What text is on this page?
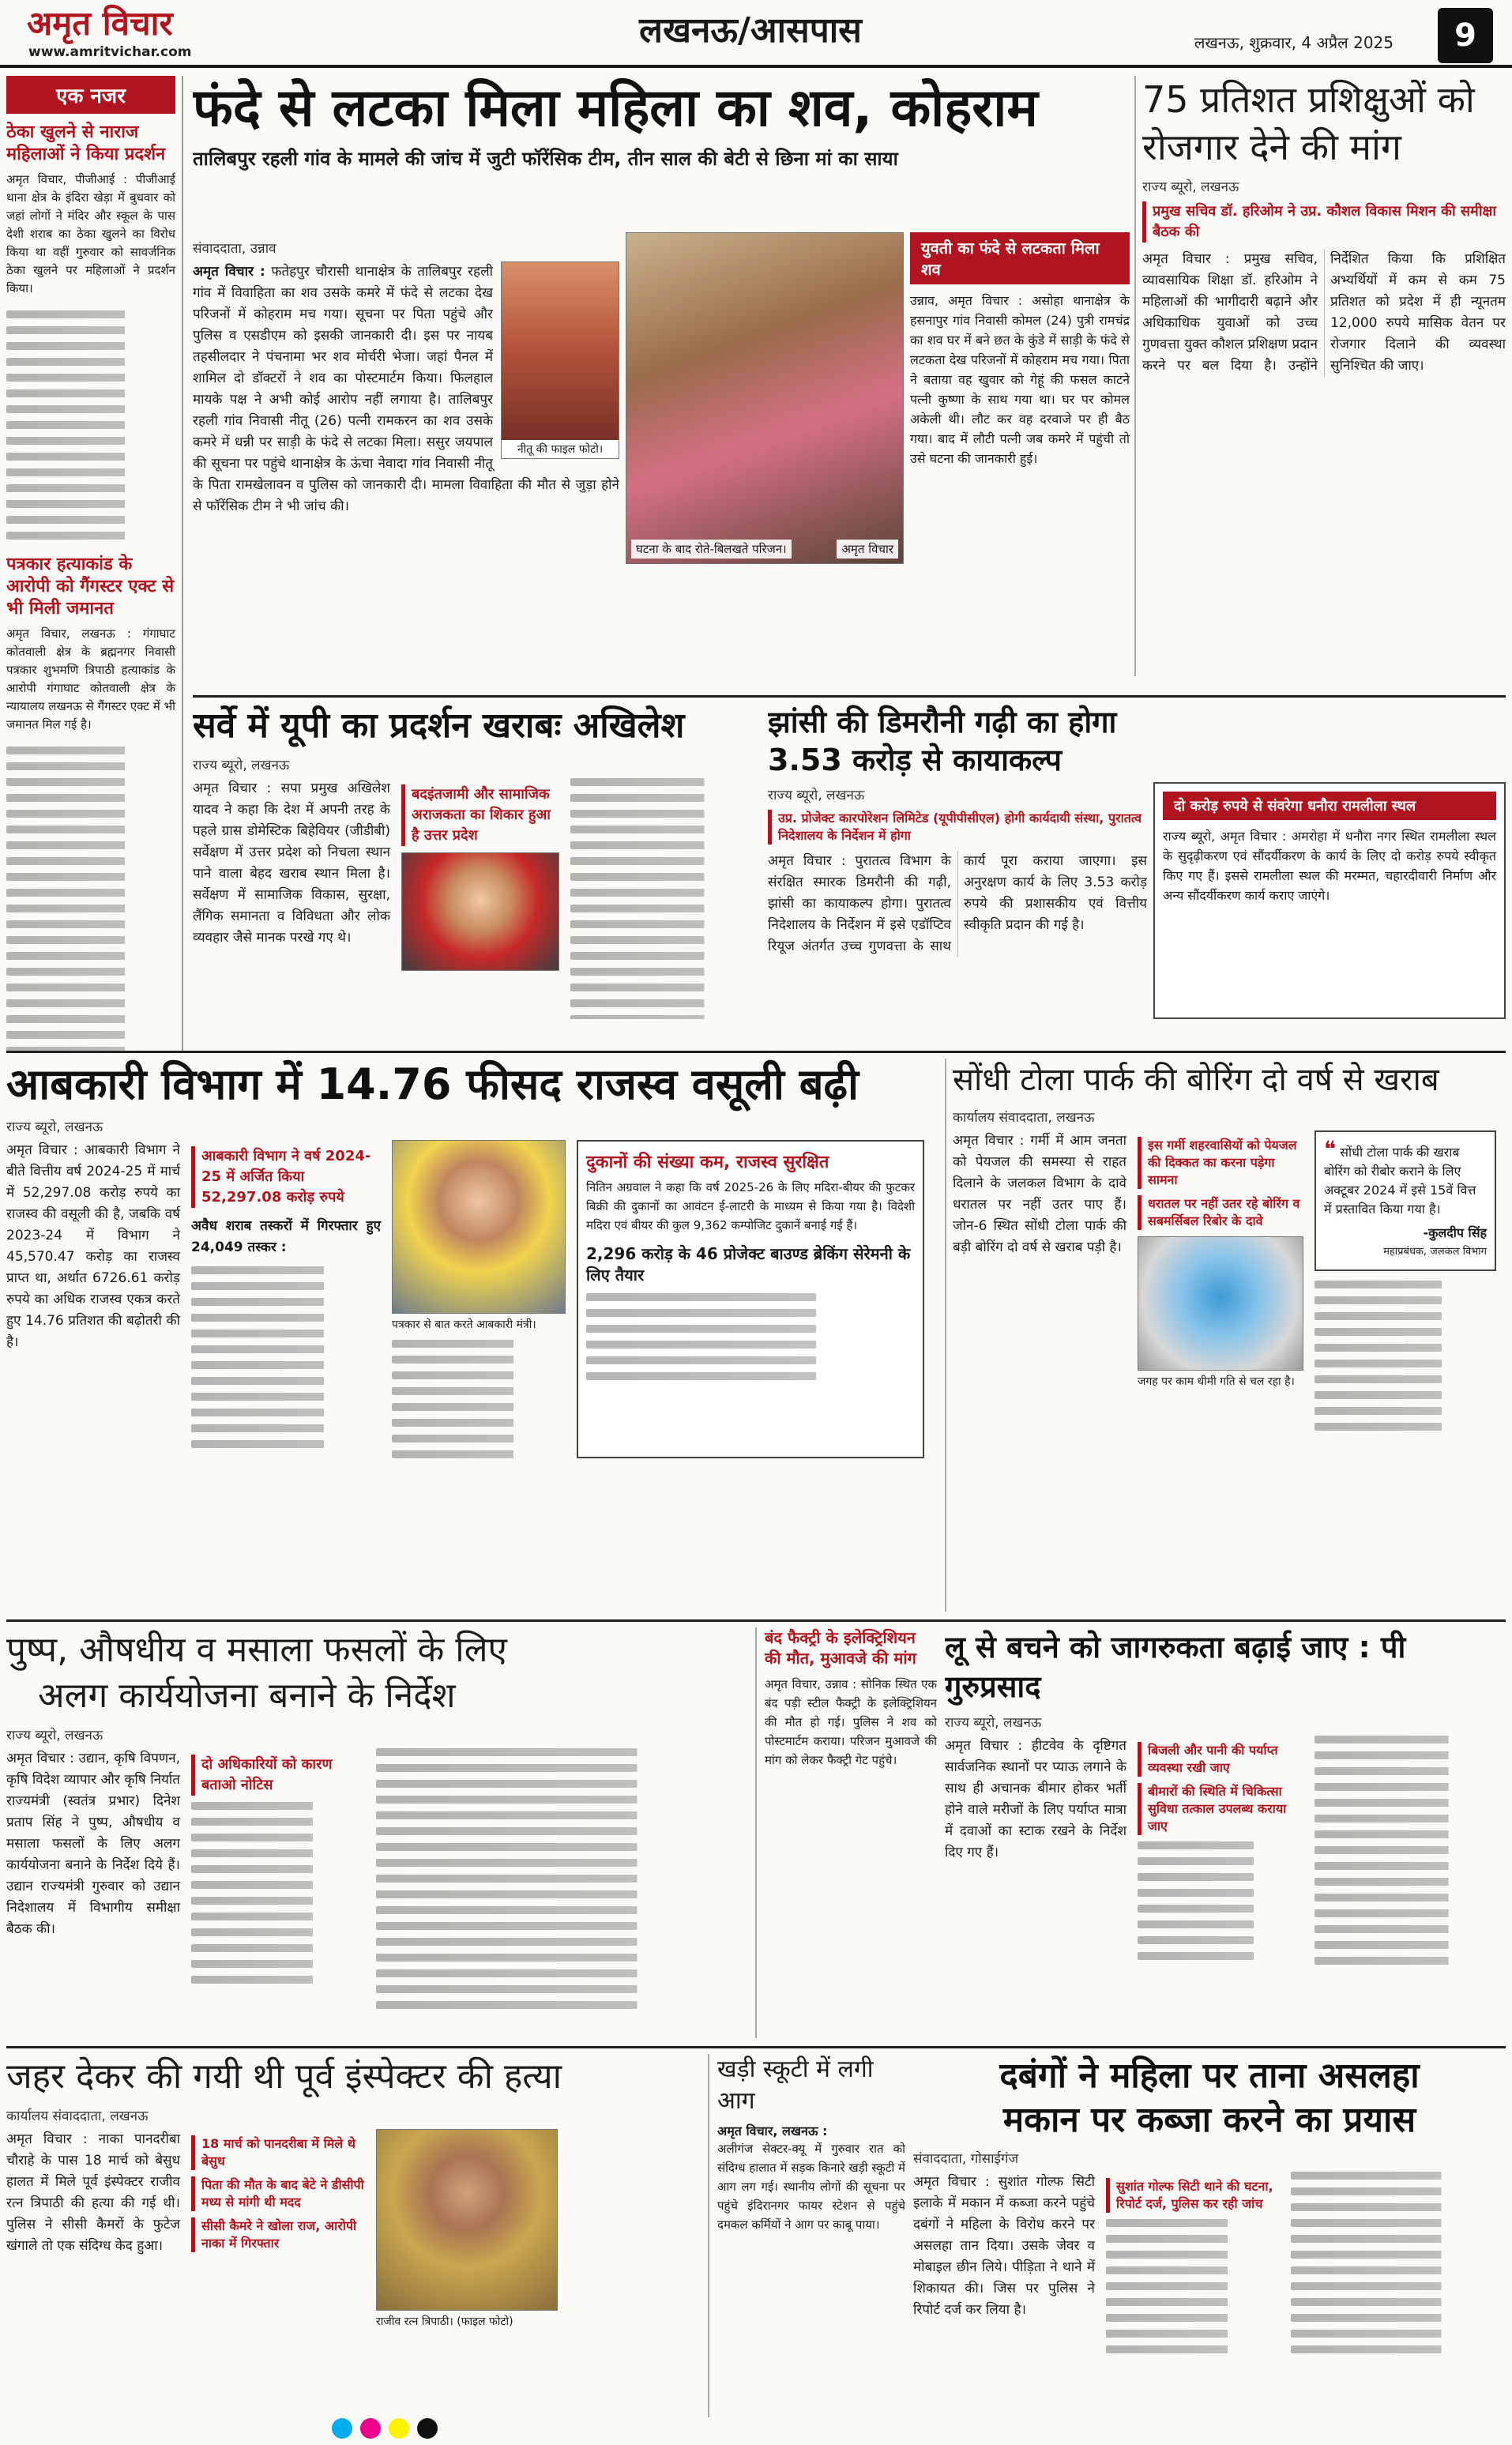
अमृत विचार
www.amritvichar.com
लखनऊ/आसपास	लखनऊ, शुक्रवार, 4 अप्रैल 2025	9
एक नजर
ठेका खुलने से नाराज महिलाओं ने किया प्रदर्शन
अमृत विचार, पीजीआई : पीजीआई थाना क्षेत्र के इंदिरा खेड़ा में बुधवार को जहां लोगों ने मंदिर और स्कूल के पास देशी शराब का ठेका खुलने का विरोध किया था वहीं गुरुवार को सावर्जनिक ठेका खुलने पर महिलाओं ने प्रदर्शन किया।
पत्रकार हत्याकांड के आरोपी को गैंगस्टर एक्ट से भी मिली जमानत
अमृत विचार, लखनऊ : गंगाघाट कोतवाली क्षेत्र के ब्रह्मनगर निवासी पत्रकार शुभमणि त्रिपाठी हत्याकांड के आरोपी गंगाघाट कोतवाली क्षेत्र के न्यायालय लखनऊ से गैंगस्टर एक्ट में भी जमानत मिल गई है।
फंदे से लटका मिला महिला का शव, कोहराम
तालिबपुर रहली गांव के मामले की जांच में जुटी फॉरेंसिक टीम, तीन साल की बेटी से छिना मां का साया
संवाददाता, उन्नाव
नीतू की फाइल फोटो।
अमृत विचार : फतेहपुर चौरासी थानाक्षेत्र के तालिबपुर रहली गांव में विवाहिता का शव उसके कमरे में फंदे से लटका देख परिजनों में कोहराम मच गया। सूचना पर पिता पहुंचे और पुलिस व एसडीएम को इसकी जानकारी दी। इस पर नायब तहसीलदार ने पंचनामा भर शव मोर्चरी भेजा। जहां पैनल में शामिल दो डॉक्टरों ने शव का पोस्टमार्टम किया। फिलहाल मायके पक्ष ने अभी कोई आरोप नहीं लगाया है। तालिबपुर रहली गांव निवासी नीतू (26) पत्नी रामकरन का शव उसके कमरे में धन्नी पर साड़ी के फंदे से लटका मिला। ससुर जयपाल की सूचना पर पहुंचे थानाक्षेत्र के ऊंचा नेवादा गांव निवासी नीतू के पिता रामखेलावन व पुलिस को जानकारी दी। मामला विवाहिता की मौत से जुड़ा होने से फॉरेंसिक टीम ने भी जांच की।
घटना के बाद रोते-बिलखते परिजन।	अमृत विचार
युवती का फंदे से लटकता मिला शव
उन्नाव, अमृत विचार : असोहा थानाक्षेत्र के हसनापुर गांव निवासी कोमल (24) पुत्री रामचंद्र का शव घर में बने छत के कुंडे में साड़ी के फंदे से लटकता देख परिजनों में कोहराम मच गया। पिता ने बताया वह खुवार को गेहूं की फसल काटने पत्नी कुष्णा के साथ गया था। घर पर कोमल अकेली थी। लौट कर वह दरवाजे पर ही बैठ गया। बाद में लौटी पत्नी जब कमरे में पहुंची तो उसे घटना की जानकारी हुई।
75 प्रतिशत प्रशिक्षुओं को रोजगार देने की मांग
राज्य ब्यूरो, लखनऊ
प्रमुख सचिव डॉ. हरिओम ने उप्र. कौशल विकास मिशन की समीक्षा बैठक की
अमृत विचार : प्रमुख सचिव, व्यावसायिक शिक्षा डॉ. हरिओम ने महिलाओं की भागीदारी बढ़ाने और अधिकाधिक युवाओं को उच्च गुणवत्ता युक्त कौशल प्रशिक्षण प्रदान करने पर बल दिया है। उन्होंने निर्देशित किया कि प्रशिक्षित अभ्यर्थियों में कम से कम 75 प्रतिशत को प्रदेश में ही न्यूनतम 12,000 रुपये मासिक वेतन पर रोजगार दिलाने की व्यवस्था सुनिश्चित की जाए।
सर्वे में यूपी का प्रदर्शन खराबः अखिलेश
राज्य ब्यूरो, लखनऊ
अमृत विचार : सपा प्रमुख अखिलेश यादव ने कहा कि देश में अपनी तरह के पहले ग्रास डोमेस्टिक बिहेवियर (जीडीबी) सर्वेक्षण में उत्तर प्रदेश को निचला स्थान पाने वाला बेहद खराब स्थान मिला है। सर्वेक्षण में सामाजिक विकास, सुरक्षा, लैंगिक समानता व विविधता और लोक व्यवहार जैसे मानक परखे गए थे।
बदइंतजामी और सामाजिक अराजकता का शिकार हुआ है उत्तर प्रदेश
झांसी की डिमरौनी गढ़ी का होगा 3.53 करोड़ से कायाकल्प
राज्य ब्यूरो, लखनऊ
उप्र. प्रोजेक्ट कारपोरेशन लिमिटेड (यूपीपीसीएल) होगी कार्यदायी संस्था, पुरातत्व निदेशालय के निर्देशन में होगा
अमृत विचार : पुरातत्व विभाग के संरक्षित स्मारक डिमरौनी की गढ़ी, झांसी का कायाकल्प होगा। पुरातत्व निदेशालय के निर्देशन में इसे एडॉप्टिव रियूज अंतर्गत उच्च गुणवत्ता के साथ कार्य पूरा कराया जाएगा। इस अनुरक्षण कार्य के लिए 3.53 करोड़ रुपये की प्रशासकीय एवं वित्तीय स्वीकृति प्रदान की गई है।
दो करोड़ रुपये से संवरेगा धनौरा रामलीला स्थल
राज्य ब्यूरो, अमृत विचार : अमरोहा में धनौरा नगर स्थित रामलीला स्थल के सुदृढ़ीकरण एवं सौंदर्यीकरण के कार्य के लिए दो करोड़ रुपये स्वीकृत किए गए हैं। इससे रामलीला स्थल की मरम्मत, चहारदीवारी निर्माण और अन्य सौंदर्यीकरण कार्य कराए जाएंगे।
आबकारी विभाग में 14.76 फीसद राजस्व वसूली बढ़ी
राज्य ब्यूरो, लखनऊ
अमृत विचार : आबकारी विभाग ने बीते वित्तीय वर्ष 2024-25 में मार्च में 52,297.08 करोड़ रुपये का राजस्व की वसूली की है, जबकि वर्ष 2023-24 में विभाग ने 45,570.47 करोड़ का राजस्व प्राप्त था, अर्थात 6726.61 करोड़ रुपये का अधिक राजस्व एकत्र करते हुए 14.76 प्रतिशत की बढ़ोतरी की है।
आबकारी विभाग ने वर्ष 2024-25 में अर्जित किया 52,297.08 करोड़ रुपये
अवैध शराब तस्करों में गिरफ्तार हुए 24,049 तस्कर :
पत्रकार से बात करते आबकारी मंत्री।
दुकानों की संख्या कम, राजस्व सुरक्षित
नितिन अग्रवाल ने कहा कि वर्ष 2025-26 के लिए मदिरा-बीयर की फुटकर बिक्री की दुकानों का आवंटन ई-लाटरी के माध्यम से किया गया है। विदेशी मदिरा एवं बीयर की कुल 9,362 कम्पोजिट दुकानें बनाई गई हैं।
2,296 करोड़ के 46 प्रोजेक्ट बाउण्ड ब्रेकिंग सेरेमनी के लिए तैयार
सोंधी टोला पार्क की बोरिंग दो वर्ष से खराब
कार्यालय संवाददाता, लखनऊ
अमृत विचार : गर्मी में आम जनता को पेयजल की समस्या से राहत दिलाने के जलकल विभाग के दावे धरातल पर नहीं उतर पाए हैं। जोन-6 स्थित सोंधी टोला पार्क की बड़ी बोरिंग दो वर्ष से खराब पड़ी है।
इस गर्मी शहरवासियों को पेयजल की दिक्कत का करना पड़ेगा सामना
धरातल पर नहीं उतर रहे बोरिंग व सबमर्सिबल रिबोर के दावे
जगह पर काम धीमी गति से चल रहा है।
❝ सोंधी टोला पार्क की खराब बोरिंग को रीबोर कराने के लिए अक्टूबर 2024 में इसे 15वें वित्त में प्रस्तावित किया गया है।
-कुलदीप सिंह
महाप्रबंधक, जलकल विभाग
पुष्प, औषधीय व मसाला फसलों के लिए
अलग कार्ययोजना बनाने के निर्देश
राज्य ब्यूरो, लखनऊ
अमृत विचार : उद्यान, कृषि विपणन, कृषि विदेश व्यापार और कृषि निर्यात राज्यमंत्री (स्वतंत्र प्रभार) दिनेश प्रताप सिंह ने पुष्प, औषधीय व मसाला फसलों के लिए अलग कार्ययोजना बनाने के निर्देश दिये हैं। उद्यान राज्यमंत्री गुरुवार को उद्यान निदेशालय में विभागीय समीक्षा बैठक की।
दो अधिकारियों को कारण बताओ नोटिस
बंद फैक्ट्री के इलेक्ट्रिशियन की मौत, मुआवजे की मांग
अमृत विचार, उन्नाव : सोनिक स्थित एक बंद पड़ी स्टील फैक्ट्री के इलेक्ट्रिशियन की मौत हो गई। पुलिस ने शव को पोस्टमार्टम कराया। परिजन मुआवजे की मांग को लेकर फैक्ट्री गेट पहुंचे।
लू से बचने को जागरुकता बढ़ाई जाए : पी गुरुप्रसाद
राज्य ब्यूरो, लखनऊ
अमृत विचार : हीटवेव के दृष्टिगत सार्वजनिक स्थानों पर प्याऊ लगाने के साथ ही अचानक बीमार होकर भर्ती होने वाले मरीजों के लिए पर्याप्त मात्रा में दवाओं का स्टाक रखने के निर्देश दिए गए हैं।
बिजली और पानी की पर्याप्त व्यवस्था रखी जाए
बीमारों की स्थिति में चिकित्सा सुविधा तत्काल उपलब्ध कराया जाए
जहर देकर की गयी थी पूर्व इंस्पेक्टर की हत्या
कार्यालय संवाददाता, लखनऊ
अमृत विचार : नाका पानदरीबा चौराहे के पास 18 मार्च को बेसुध हालत में मिले पूर्व इंस्पेक्टर राजीव रत्न त्रिपाठी की हत्या की गई थी। पुलिस ने सीसी कैमरों के फुटेज खंगाले तो एक संदिग्ध केद हुआ।
18 मार्च को पानदरीबा में मिले थे बेसुध
पिता की मौत के बाद बेटे ने डीसीपी मध्य से मांगी थी मदद
सीसी कैमरे ने खोला राज, आरोपी नाका में गिरफ्तार
राजीव रत्न त्रिपाठी। (फाइल फोटो)
खड़ी स्कूटी में लगी आग
अमृत विचार, लखनऊ :
अलीगंज सेक्टर-क्यू में गुरुवार रात को संदिग्ध हालात में सड़क किनारे खड़ी स्कूटी में आग लग गई। स्थानीय लोगों की सूचना पर पहुंचे इंदिरानगर फायर स्टेशन से पहुंचे दमकल कर्मियों ने आग पर काबू पाया।
दबंगों ने महिला पर ताना असलहा
मकान पर कब्जा करने का प्रयास
संवाददाता, गोसाईगंज
अमृत विचार : सुशांत गोल्फ सिटी इलाके में मकान में कब्जा करने पहुंचे दबंगों ने महिला के विरोध करने पर असलहा तान दिया। उसके जेवर व मोबाइल छीन लिये। पीड़िता ने थाने में शिकायत की। जिस पर पुलिस ने रिपोर्ट दर्ज कर लिया है।
सुशांत गोल्फ सिटी थाने की घटना, रिपोर्ट दर्ज, पुलिस कर रही जांच
